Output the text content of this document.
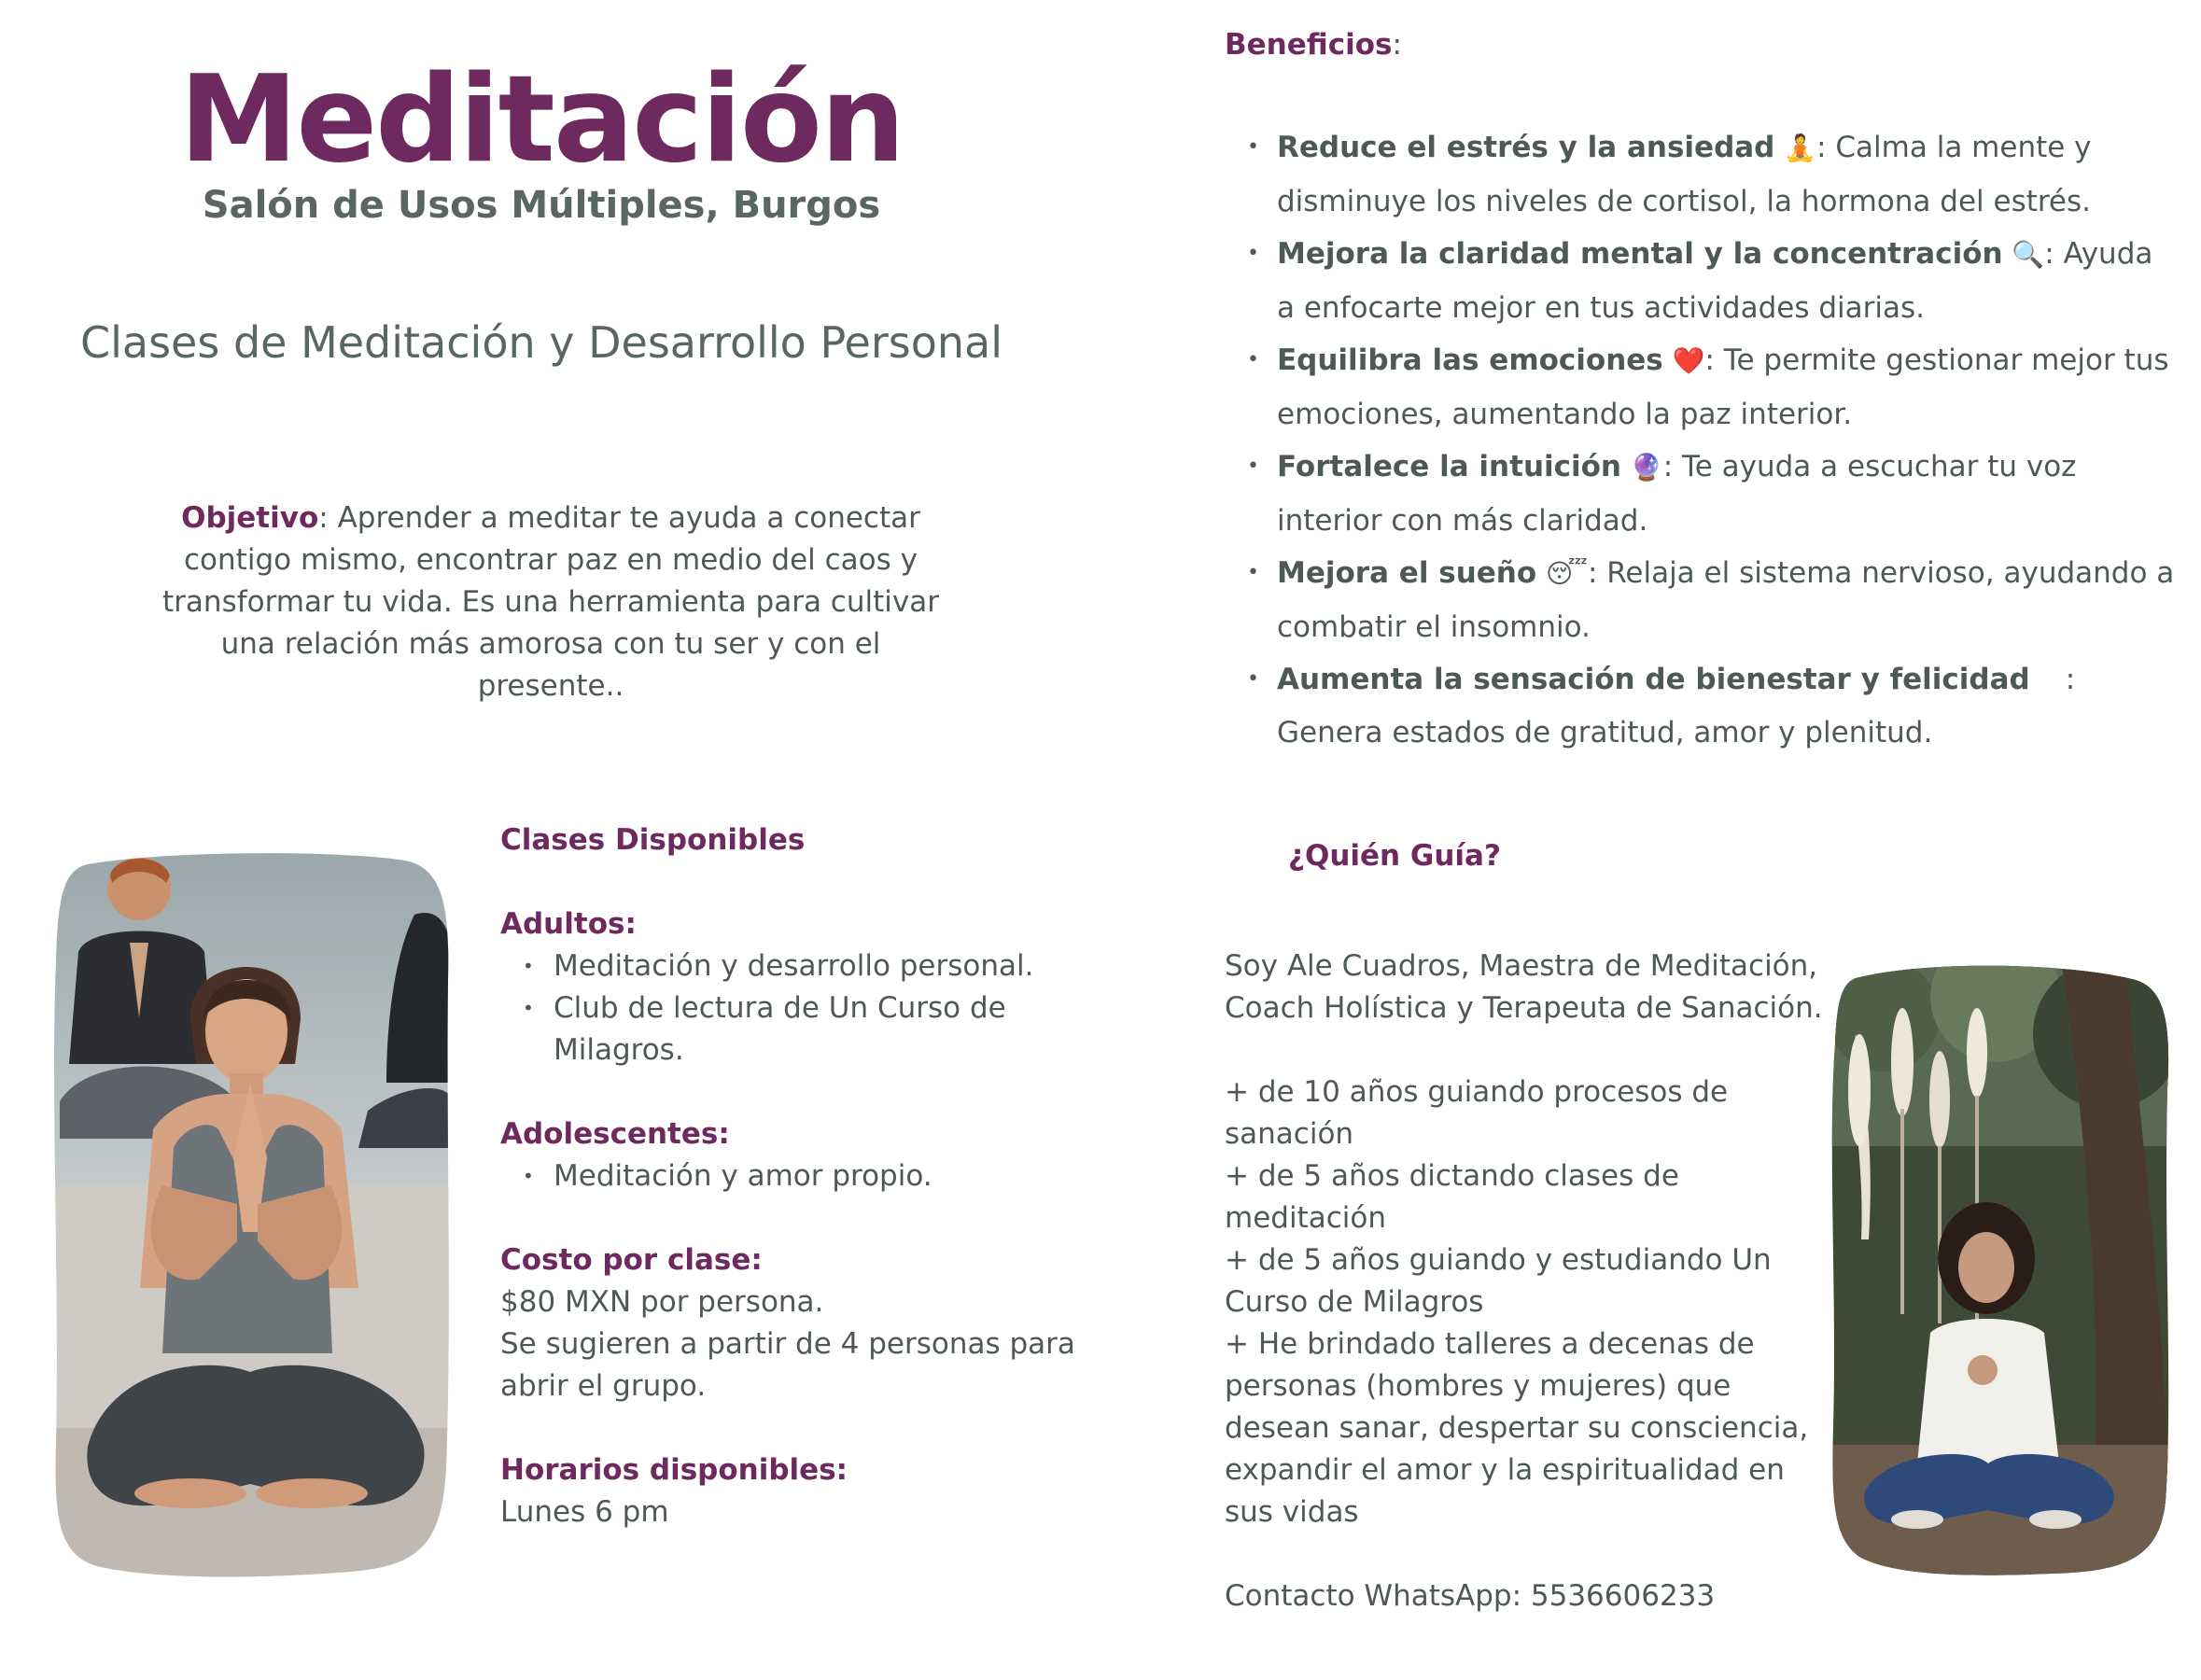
Meditación
Salón de Usos Múltiples, Burgos
Clases de Meditación y Desarrollo Personal
Objetivo: Aprender a meditar te ayuda a conectar contigo mismo, encontrar paz en medio del caos y transformar tu vida. Es una herramienta para cultivar una relación más amorosa con tu ser y con el presente..
Beneficios:
• Reduce el estrés y la ansiedad 🧘: Calma la mente y disminuye los niveles de cortisol, la hormona del estrés.
• Mejora la claridad mental y la concentración 🔍: Ayuda a enfocarte mejor en tus actividades diarias.
• Equilibra las emociones ❤️: Te permite gestionar mejor tus emociones, aumentando la paz interior.
• Fortalece la intuición 🔮: Te ayuda a escuchar tu voz interior con más claridad.
• Mejora el sueño 😴: Relaja el sistema nervioso, ayudando a combatir el insomnio.
• Aumenta la sensación de bienestar y felicidad : Genera estados de gratitud, amor y plenitud.
Clases Disponibles
Adultos:
• Meditación y desarrollo personal.
• Club de lectura de Un Curso de Milagros.
Adolescentes:
• Meditación y amor propio.
Costo por clase:
$80 MXN por persona.
Se sugieren a partir de 4 personas para abrir el grupo.
Horarios disponibles:
Lunes 6 pm
¿Quién Guía?
Soy Ale Cuadros, Maestra de Meditación, Coach Holística y Terapeuta de Sanación.
+ de 10 años guiando procesos de sanación
+ de 5 años dictando clases de meditación
+ de 5 años guiando y estudiando Un Curso de Milagros
+ He brindado talleres a decenas de personas (hombres y mujeres) que desean sanar, despertar su consciencia, expandir el amor y la espiritualidad en sus vidas
Contacto WhatsApp: 5536606233
